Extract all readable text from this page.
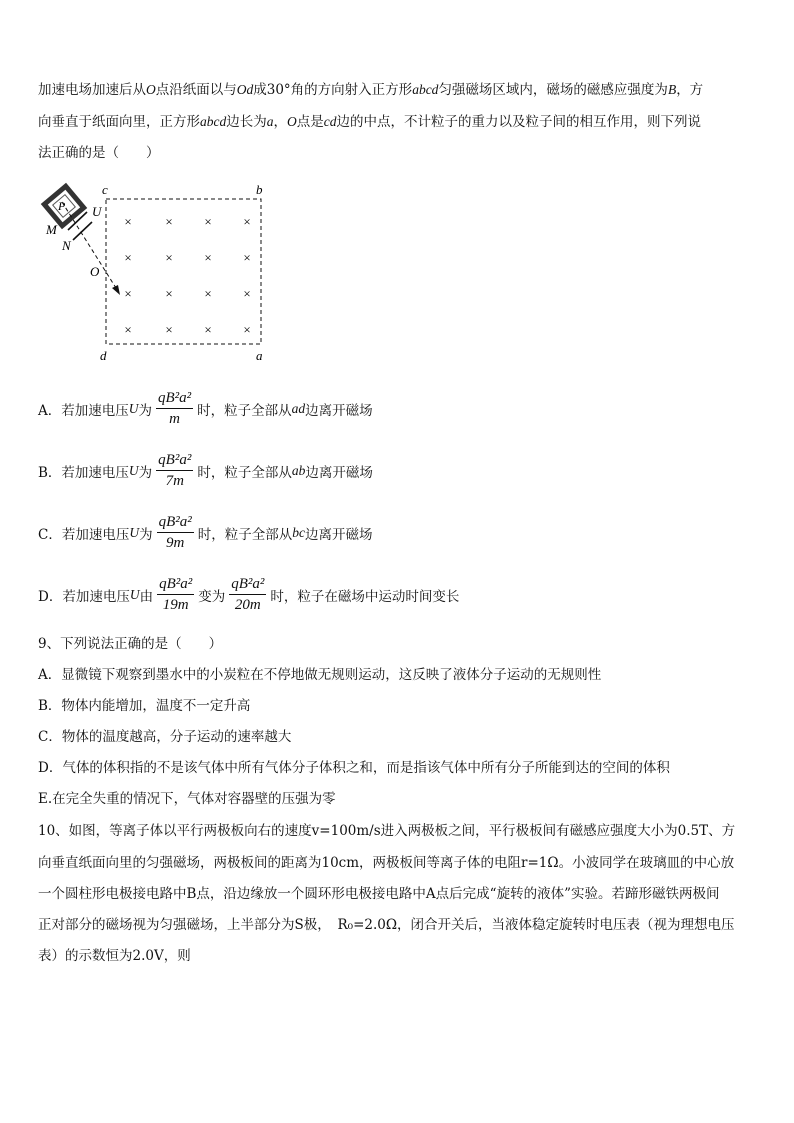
加速电场加速后从O点沿纸面以与Od成30°角的方向射入正方形abcd匀强磁场区域内，磁场的磁感应强度为B，方
向垂直于纸面向里，正方形abcd边长为a，O点是cd边的中点，不计粒子的重力以及粒子间的相互作用，则下列说
法正确的是（　　）
P U
M
N
O
c	b
d	a
×	× × ×
×	× × ×
×	× × ×
×	× × ×
A．若加速电压 U 为 $\frac{\text{qB²a²}}{m}$ 时，粒子全部从 ad 边离开磁场
B．若加速电压 U 为 $\frac{\text{qB²a²}}{7m}$ 时，粒子全部从 ab 边离开磁场
C．若加速电压 U 为 $\frac{\text{qB²a²}}{9m}$ 时，粒子全部从 bc 边离开磁场
D．若加速电压 U 由 $\frac{\text{qB²a²}}{19m}$ 变为 $\frac{\text{qB²a²}}{20m}$ 时，粒子在磁场中运动时间变长
9、下列说法正确的是（　　）
A．显微镜下观察到墨水中的小炭粒在不停地做无规则运动，这反映了液体分子运动的无规则性
B．物体内能增加，温度不一定升高
C．物体的温度越高，分子运动的速率越大
D．气体的体积指的不是该气体中所有气体分子体积之和，而是指该气体中所有分子所能到达的空间的体积
E.在完全失重的情况下，气体对容器壁的压强为零
10、如图，等离子体以平行两极板向右的速度v=100m/s进入两极板之间，平行极板间有磁感应强度大小为0.5T、方
向垂直纸面向里的匀强磁场，两极板间的距离为10cm，两极板间等离子体的电阻r=1Ω。小波同学在玻璃皿的中心放
一个圆柱形电极接电路中B点，沿边缘放一个圆环形电极接电路中A点后完成“旋转的液体”实验。若蹄形磁铁两极间
正对部分的磁场视为匀强磁场，上半部分为S极，　R₀=2.0Ω，闭合开关后，当液体稳定旋转时电压表（视为理想电压
表）的示数恒为2.0V，则
